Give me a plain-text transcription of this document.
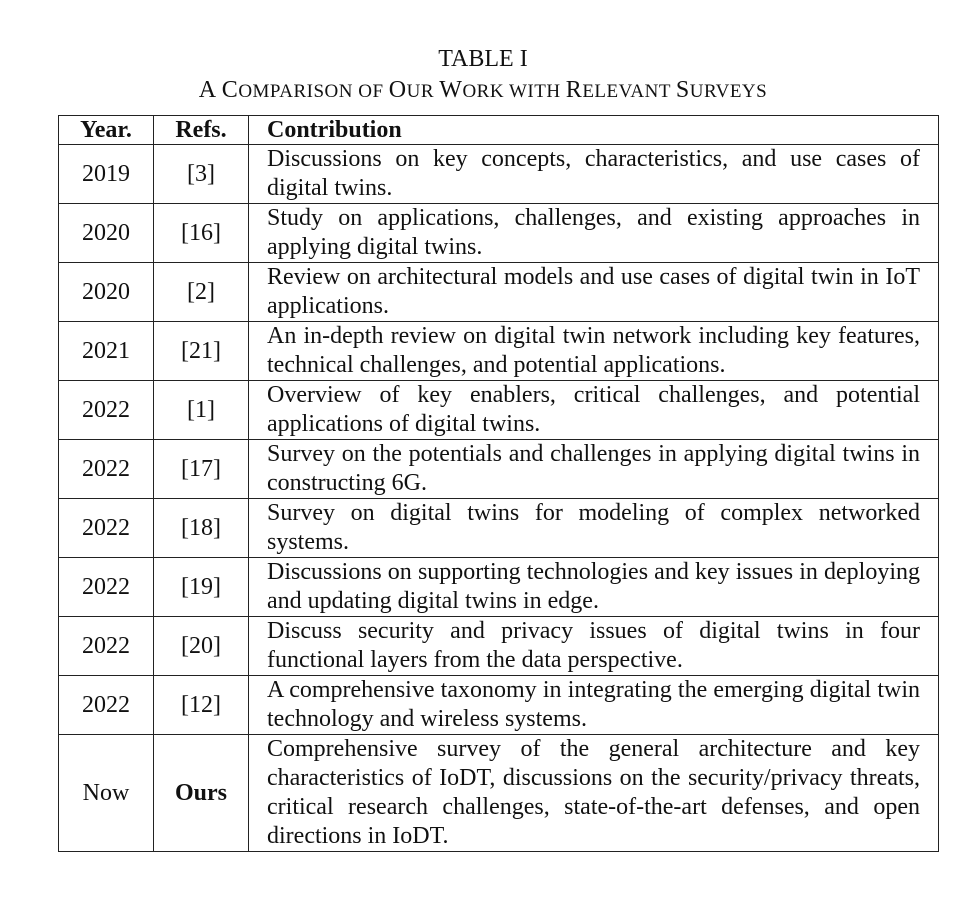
TABLE I
A COMPARISON OF OUR WORK WITH RELEVANT SURVEYS
Year.	Refs.	Contribution
2019	[3]	Discussions on key concepts, characteristics, and use cases of digital twins.
2020	[16]	Study on applications, challenges, and existing approaches in applying digital twins.
2020	[2]	Review on architectural models and use cases of digital twin in IoT applications.
2021	[21]	An in-depth review on digital twin network including key features, technical challenges, and potential applications.
2022	[1]	Overview of key enablers, critical challenges, and potential applications of digital twins.
2022	[17]	Survey on the potentials and challenges in applying digital twins in constructing 6G.
2022	[18]	Survey on digital twins for modeling of complex networked systems.
2022	[19]	Discussions on supporting technologies and key issues in deploying and updating digital twins in edge.
2022	[20]	Discuss security and privacy issues of digital twins in four functional layers from the data perspective.
2022	[12]	A comprehensive taxonomy in integrating the emerging digital twin technology and wireless systems.
Now	Ours	Comprehensive survey of the general architecture and key characteristics of IoDT, discussions on the security/privacy threats, critical research challenges, state-of-the-art defenses, and open directions in IoDT.
